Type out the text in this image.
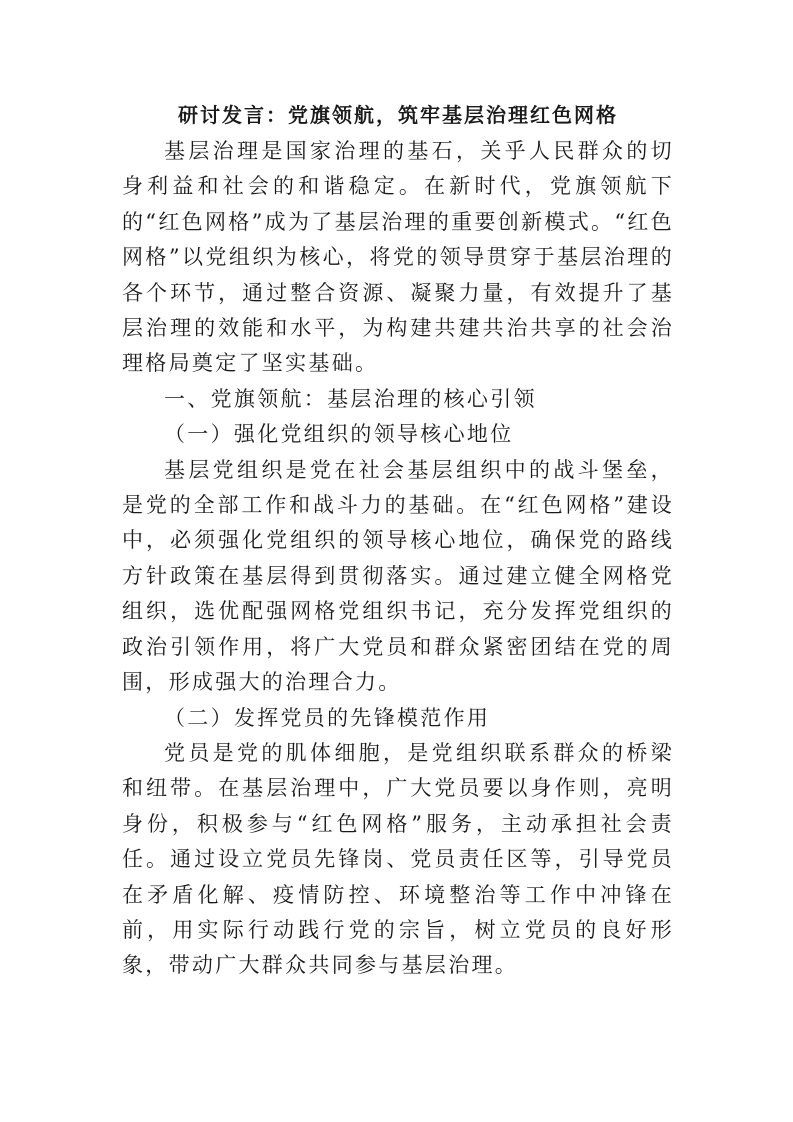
研讨发言：党旗领航，筑牢基层治理红色网格

基层治理是国家治理的基石，关乎人民群众的切身利益和社会的和谐稳定。在新时代，党旗领航下的“红色网格”成为了基层治理的重要创新模式。“红色网格”以党组织为核心，将党的领导贯穿于基层治理的各个环节，通过整合资源、凝聚力量，有效提升了基层治理的效能和水平，为构建共建共治共享的社会治理格局奠定了坚实基础。

一、党旗领航：基层治理的核心引领

（一）强化党组织的领导核心地位

基层党组织是党在社会基层组织中的战斗堡垒，是党的全部工作和战斗力的基础。在“红色网格”建设中，必须强化党组织的领导核心地位，确保党的路线方针政策在基层得到贯彻落实。通过建立健全网格党组织，选优配强网格党组织书记，充分发挥党组织的政治引领作用，将广大党员和群众紧密团结在党的周围，形成强大的治理合力。

（二）发挥党员的先锋模范作用

党员是党的肌体细胞，是党组织联系群众的桥梁和纽带。在基层治理中，广大党员要以身作则，亮明身份，积极参与“红色网格”服务，主动承担社会责任。通过设立党员先锋岗、党员责任区等，引导党员在矛盾化解、疫情防控、环境整治等工作中冲锋在前，用实际行动践行党的宗旨，树立党员的良好形象，带动广大群众共同参与基层治理。
